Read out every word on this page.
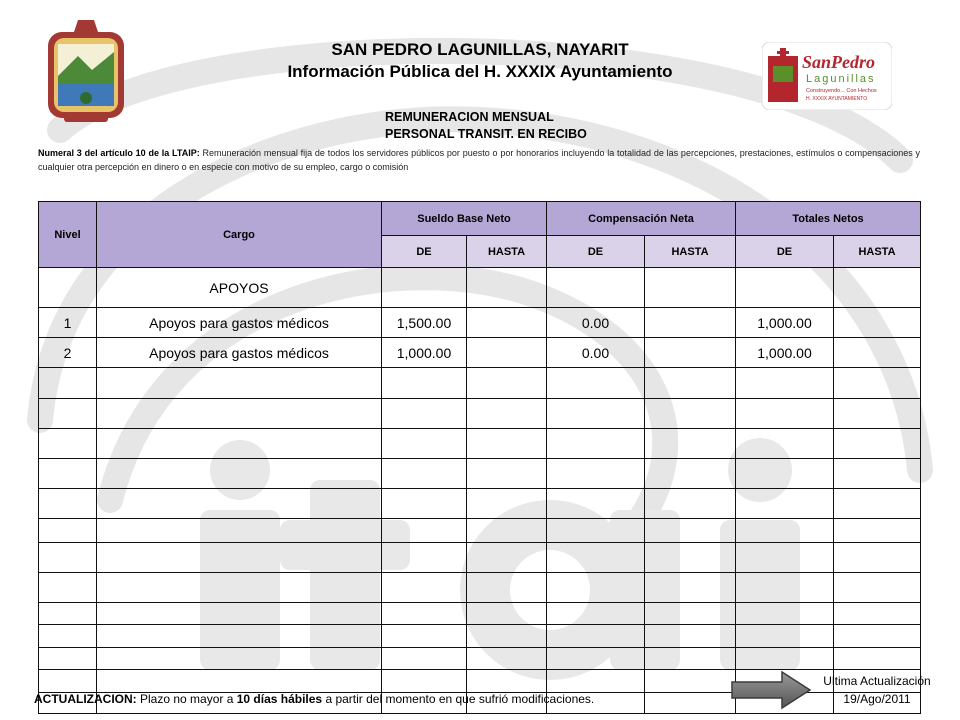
SanPedro
Lagunillas
Construyendo... Con Hechos
H. XXXIX AYUNTAMIENTO
SAN PEDRO LAGUNILLAS, NAYARIT
Información Pública del H. XXXIX Ayuntamiento
REMUNERACION MENSUAL
PERSONAL TRANSIT. EN RECIBO
Numeral 3 del artículo 10 de la LTAIP: Remuneración mensual fija de todos los servidores públicos por puesto o por honorarios incluyendo la totalidad de las percepciones, prestaciones, estímulos o compensaciones y cualquier otra percepción en dinero o en especie con motivo de su empleo, cargo o comisión
Nivel	Cargo	Sueldo Base Neto		Compensación Neta		Totales Netos	
		DE	HASTA	DE	HASTA	DE	HASTA
	APOYOS						
1	Apoyos para gastos médicos	1,500.00		0.00		1,000.00	
2	Apoyos para gastos médicos	1,000.00		0.00		1,000.00	

ACTUALIZACION: Plazo no mayor a 10 días hábiles a partir del momento en que sufrió modificaciones.
Ultima Actualización
19/Ago/2011
